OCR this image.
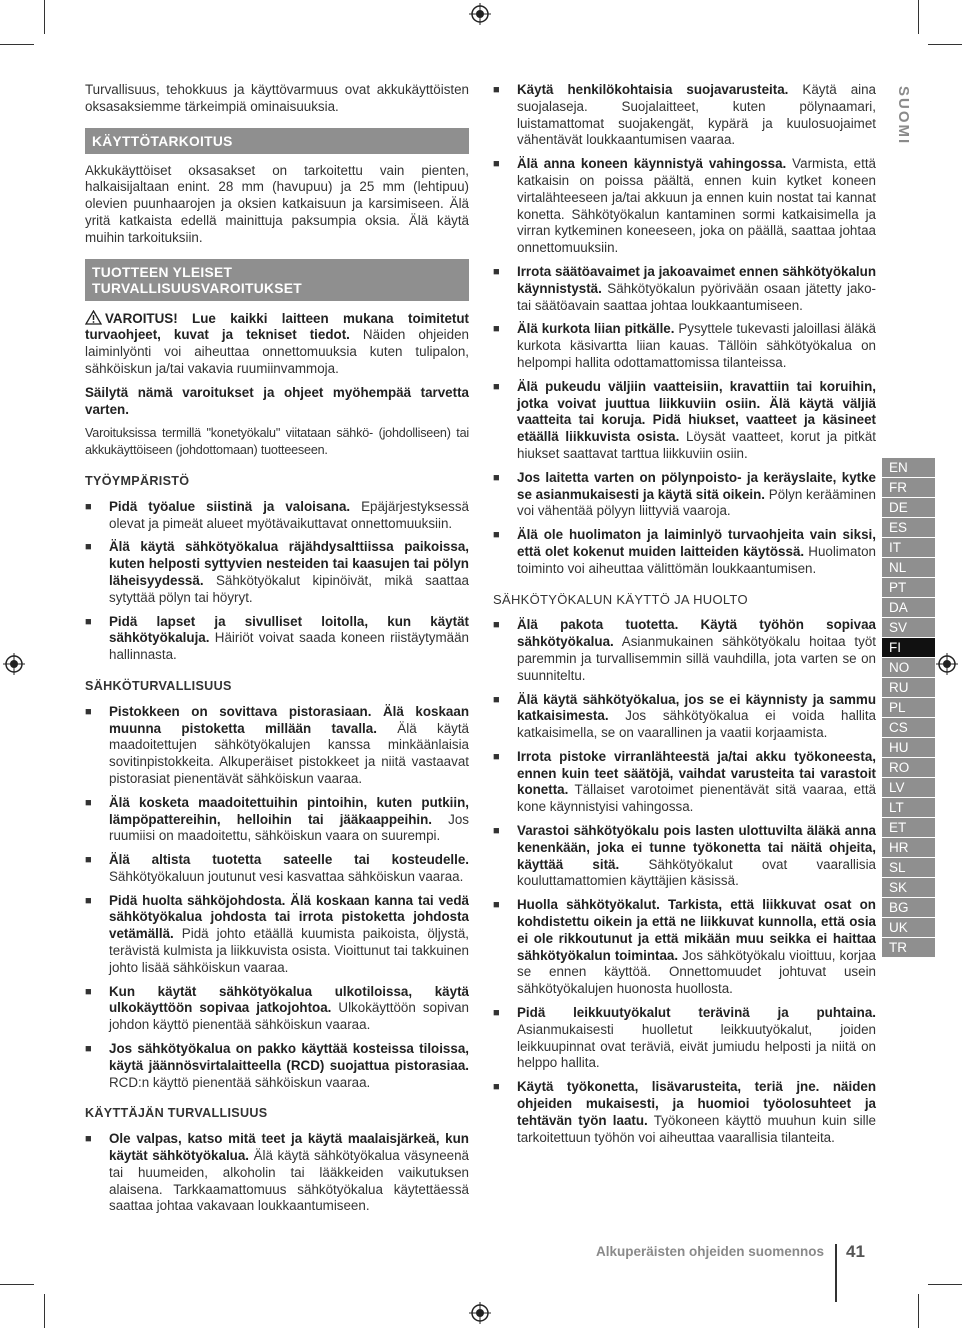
SUOMI
EN
FR
DE
ES
IT
NL
PT
DA
SV
FI
NO
RU
PL
CS
HU
RO
LV
LT
ET
HR
SL
SK
BG
UK
TR

Turvallisuus, tehokkuus ja käyttövarmuus ovat akkukäyttöisten oksasaksiemme tärkeimpiä ominaisuuksia.

KÄYTTÖTARKOITUS

Akkukäyttöiset oksasakset on tarkoitettu vain pienten, halkaisijaltaan enint. 28 mm (havupuu) ja 25 mm (lehtipuu) olevien puunhaarojen ja oksien katkaisuun ja karsimiseen. Älä yritä katkaista edellä mainittuja paksumpia oksia. Älä käytä muihin tarkoituksiin.

TUOTTEEN YLEISET
TURVALLISUUSVAROITUKSET

VAROITUS! Lue kaikki laitteen mukana toimitetut turvaohjeet, kuvat ja tekniset tiedot. Näiden ohjeiden laiminlyönti voi aiheuttaa onnettomuuksia kuten tulipalon, sähköiskun ja/tai vakavia ruumiinvammoja.

Säilytä nämä varoitukset ja ohjeet myöhempää tarvetta varten.

Varoituksissa termillä "konetyökalu" viitataan sähkö- (johdolliseen) tai akkukäyttöiseen (johdottomaan) tuotteeseen.

TYÖYMPÄRISTÖ
■ Pidä työalue siistinä ja valoisana. Epäjärjestyksessä olevat ja pimeät alueet myötävaikuttavat onnettomuuksiin.
■ Älä käytä sähkötyökalua räjähdysalttiissa paikoissa, kuten helposti syttyvien nesteiden tai kaasujen tai pölyn läheisyydessä. Sähkötyökalut kipinöivät, mikä saattaa sytyttää pölyn tai höyryt.
■ Pidä lapset ja sivulliset loitolla, kun käytät sähkötyökaluja. Häiriöt voivat saada koneen riistäytymään hallinnasta.
SÄHKÖTURVALLISUUS
■ Pistokkeen on sovittava pistorasiaan. Älä koskaan muunna pistoketta millään tavalla. Älä käytä maadoitettujen sähkötyökalujen kanssa minkäänlaisia sovitinpistokkeita. Alkuperäiset pistokkeet ja niitä vastaavat pistorasiat pienentävät sähköiskun vaaraa.
■ Älä kosketa maadoitettuihin pintoihin, kuten putkiin, lämpöpattereihin, helloihin tai jääkaappeihin. Jos ruumiisi on maadoitettu, sähköiskun vaara on suurempi.
■ Älä altista tuotetta sateelle tai kosteudelle. Sähkötyökaluun joutunut vesi kasvattaa sähköiskun vaaraa.
■ Pidä huolta sähköjohdosta. Älä koskaan kanna tai vedä sähkötyökalua johdosta tai irrota pistoketta johdosta vetämällä. Pidä johto etäällä kuumista paikoista, öljystä, terävistä kulmista ja liikkuvista osista. Vioittunut tai takkuinen johto lisää sähköiskun vaaraa.
■ Kun käytät sähkötyökalua ulkotiloissa, käytä ulkokäyttöön sopivaa jatkojohtoa. Ulkokäyttöön sopivan johdon käyttö pienentää sähköiskun vaaraa.
■ Jos sähkötyökalua on pakko käyttää kosteissa tiloissa, käytä jäännösvirtalaitteella (RCD) suojattua pistorasiaa. RCD:n käyttö pienentää sähköiskun vaaraa.
KÄYTTÄJÄN TURVALLISUUS
■ Ole valpas, katso mitä teet ja käytä maalaisjärkeä, kun käytät sähkötyökalua. Älä käytä sähkötyökalua väsyneenä tai huumeiden, alkoholin tai lääkkeiden vaikutuksen alaisena. Tarkkaamattomuus sähkötyökalua käytettäessä saattaa johtaa vakavaan loukkaantumiseen.
■ Käytä henkilökohtaisia suojavarusteita. Käytä aina suojalaseja. Suojalaitteet, kuten pölynaamari, luistamattomat suojakengät, kypärä ja kuulosuojaimet vähentävät loukkaantumisen vaaraa.
■ Älä anna koneen käynnistyä vahingossa. Varmista, että katkaisin on poissa päältä, ennen kuin kytket koneen virtalähteeseen ja/tai akkuun ja ennen kuin nostat tai kannat konetta. Sähkötyökalun kantaminen sormi katkaisimella ja virran kytkeminen koneeseen, joka on päällä, saattaa johtaa onnettomuuksiin.
■ Irrota säätöavaimet ja jakoavaimet ennen sähkötyökalun käynnistystä. Sähkötyökalun pyörivään osaan jätetty jako- tai säätöavain saattaa johtaa loukkaantumiseen.
■ Älä kurkota liian pitkälle. Pysyttele tukevasti jaloillasi äläkä kurkota käsivartta liian kauas. Tällöin sähkötyökalua on helpompi hallita odottamattomissa tilanteissa.
■ Älä pukeudu väljiin vaatteisiin, kravattiin tai koruihin, jotka voivat juuttua liikkuviin osiin. Älä käytä väljiä vaatteita tai koruja. Pidä hiukset, vaatteet ja käsineet etäällä liikkuvista osista. Löysät vaatteet, korut ja pitkät hiukset saattavat tarttua liikkuviin osiin.
■ Jos laitetta varten on pölynpoisto- ja keräyslaite, kytke se asianmukaisesti ja käytä sitä oikein. Pölyn kerääminen voi vähentää pölyyn liittyviä vaaroja.
■ Älä ole huolimaton ja laiminlyö turvaohjeita vain siksi, että olet kokenut muiden laitteiden käytössä. Huolimaton toiminto voi aiheuttaa välittömän loukkaantumisen.
SÄHKÖTYÖKALUN KÄYTTÖ JA HUOLTO
■ Älä pakota tuotetta. Käytä työhön sopivaa sähkötyökalua. Asianmukainen sähkötyökalu hoitaa työt paremmin ja turvallisemmin sillä vauhdilla, jota varten se on suunniteltu.
■ Älä käytä sähkötyökalua, jos se ei käynnisty ja sammu katkaisimesta. Jos sähkötyökalua ei voida hallita katkaisimella, se on vaarallinen ja vaatii korjaamista.
■ Irrota pistoke virranlähteestä ja/tai akku työkoneesta, ennen kuin teet säätöjä, vaihdat varusteita tai varastoit konetta. Tällaiset varotoimet pienentävät sitä vaaraa, että kone käynnistyisi vahingossa.
■ Varastoi sähkötyökalu pois lasten ulottuvilta äläkä anna kenenkään, joka ei tunne työkonetta tai näitä ohjeita, käyttää sitä. Sähkötyökalut ovat vaarallisia kouluttamattomien käyttäjien käsissä.
■ Huolla sähkötyökalut. Tarkista, että liikkuvat osat on kohdistettu oikein ja että ne liikkuvat kunnolla, että osia ei ole rikkoutunut ja että mikään muu seikka ei haittaa sähkötyökalun toimintaa. Jos sähkötyökalu vioittuu, korjaa se ennen käyttöä. Onnettomuudet johtuvat usein sähkötyökalujen huonosta huollosta.
■ Pidä leikkuutyökalut terävinä ja puhtaina. Asianmukaisesti huolletut leikkuutyökalut, joiden leikkuupinnat ovat teräviä, eivät jumiudu helposti ja niitä on helppo hallita.
■ Käytä työkonetta, lisävarusteita, teriä jne. näiden ohjeiden mukaisesti, ja huomioi työolosuhteet ja tehtävän työn laatu. Työkoneen käyttö muuhun kuin sille tarkoitettuun työhön voi aiheuttaa vaarallisia tilanteita.
Alkuperäisten ohjeiden suomennos 41
